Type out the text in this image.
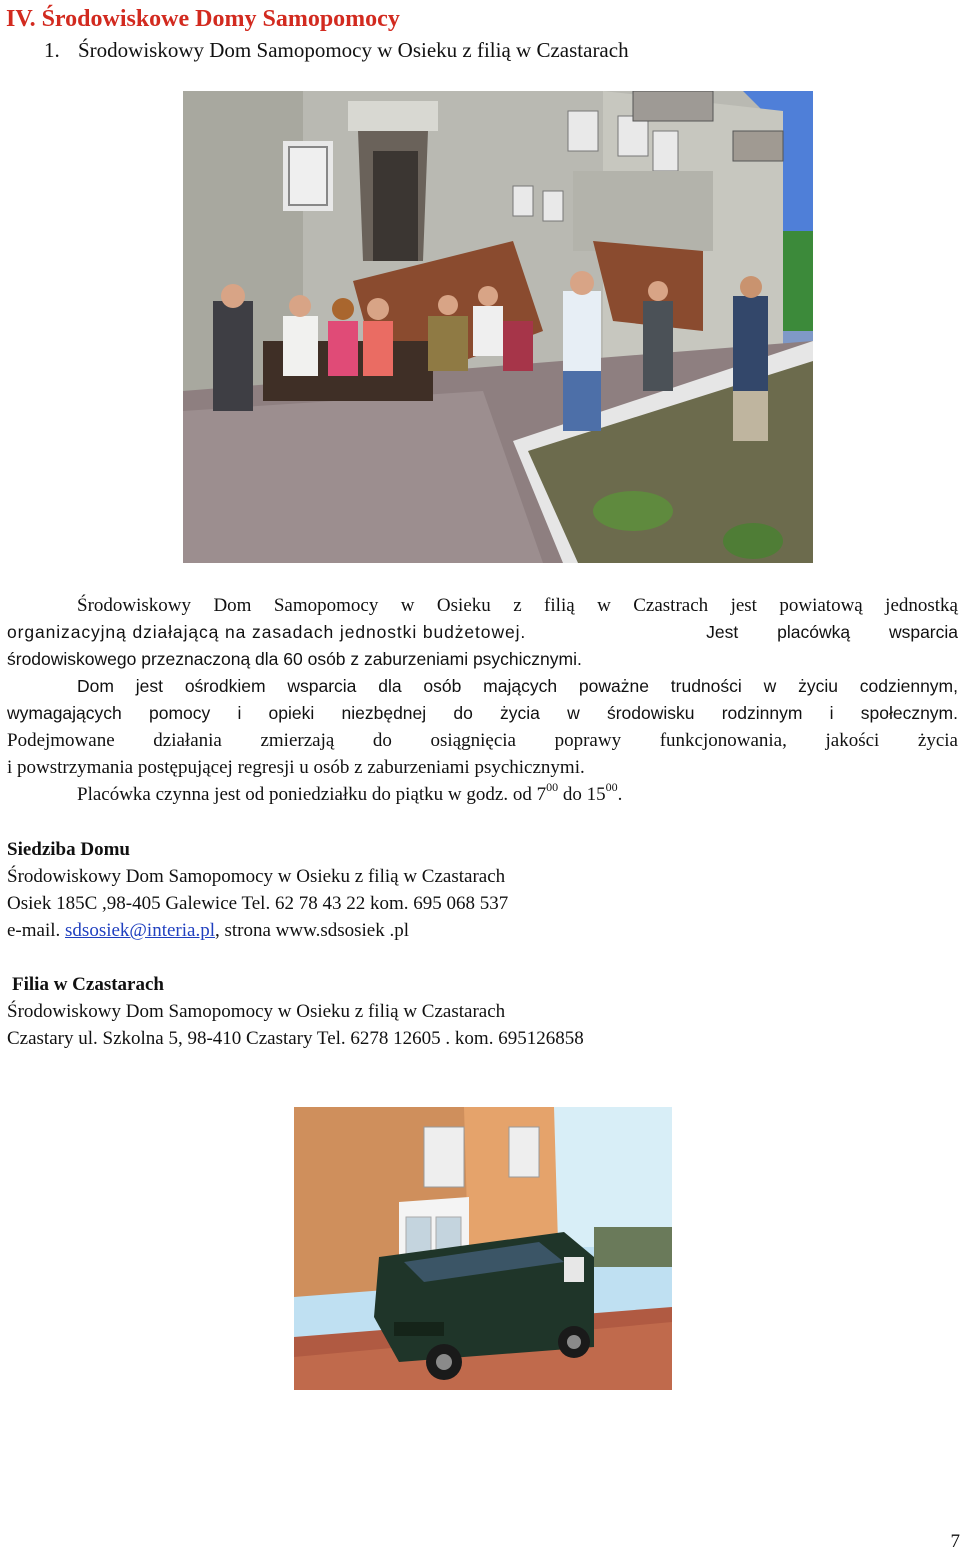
IV. Środowiskowe Domy Samopomocy
1. Środowiskowy Dom Samopomocy w Osieku z filią w Czastarach
Środowiskowy Dom Samopomocy w Osieku z filią w Czastrach jest powiatową jednostką
organizacyjną działającą na zasadach jednostki budżetowej.	Jest placówką wsparcia
środowiskowego przeznaczoną dla 60 osób z zaburzeniami psychicznymi.
Dom jest ośrodkiem wsparcia dla osób mających poważne trudności w życiu codziennym,
wymagających pomocy i opieki niezbędnej do życia w środowisku rodzinnym i społecznym.
Podejmowane działania zmierzają do osiągnięcia poprawy funkcjonowania, jakości życia
i powstrzymania postępującej regresji u osób z zaburzeniami psychicznymi.
Placówka czynna jest od poniedziałku do piątku w godz. od $7^{00}$ do $15^{00}$.
Siedziba Domu
Środowiskowy Dom Samopomocy w Osieku z filią w Czastarach
Osiek 185C ,98-405 Galewice Tel. 62 78 43 22 kom. 695 068 537
e-mail. sdsosiek@interia.pl, strona www.sdsosiek .pl
Filia w Czastarach
Środowiskowy Dom Samopomocy w Osieku z filią w Czastarach
Czastary ul. Szkolna 5, 98-410 Czastary Tel. 6278 12605 . kom. 695126858
7
